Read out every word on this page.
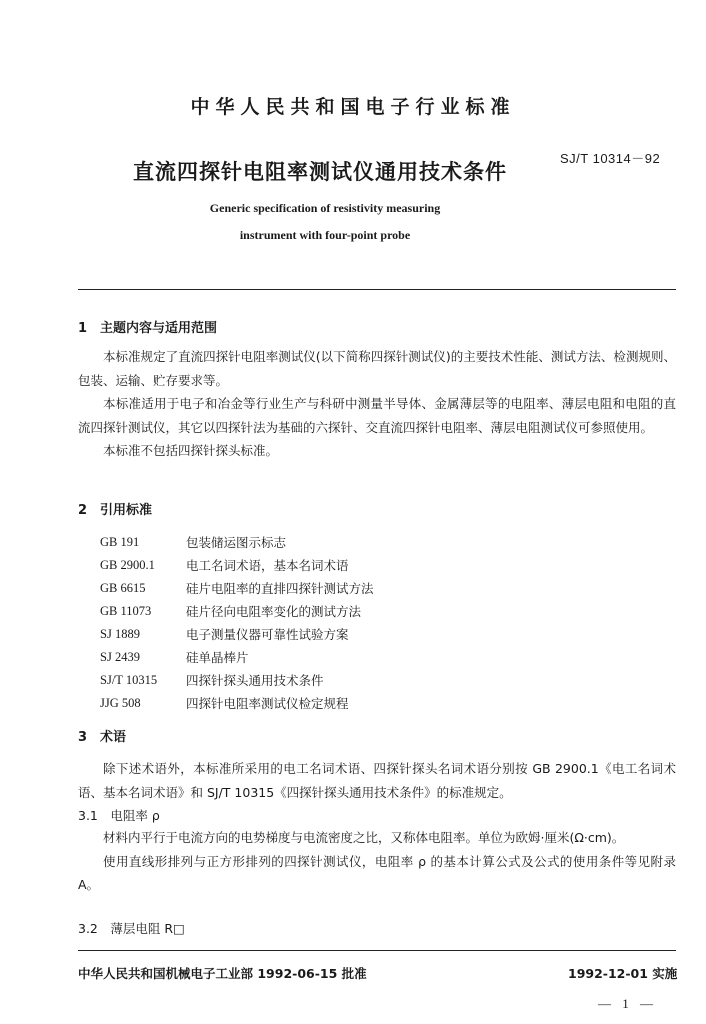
中华人民共和国电子行业标准
SJ/T 10314－92
直流四探针电阻率测试仪通用技术条件
Generic specification of resistivity measuring
instrument with four-point probe
1　主题内容与适用范围

本标准规定了直流四探针电阻率测试仪(以下简称四探针测试仪)的主要技术性能、测试方法、检测规则、包装、运输、贮存要求等。

本标准适用于电子和冶金等行业生产与科研中测量半导体、金属薄层等的电阻率、薄层电阻和电阻的直流四探针测试仪，其它以四探针法为基础的六探针、交直流四探针电阻率、薄层电阻测试仪可参照使用。

本标准不包括四探针探头标准。

2　引用标准
GB 191	包装储运图示标志
GB 2900.1	电工名词术语，基本名词术语
GB 6615	硅片电阻率的直排四探针测试方法
GB 11073	硅片径向电阻率变化的测试方法
SJ 1889	电子测量仪器可靠性试验方案
SJ 2439	硅单晶棒片
SJ/T 10315	四探针探头通用技术条件
JJG 508	四探针电阻率测试仪检定规程
3　术语

除下述术语外，本标准所采用的电工名词术语、四探针探头名词术语分别按 GB 2900.1《电工名词术语、基本名词术语》和 SJ/T 10315《四探针探头通用技术条件》的标准规定。

3.1　电阻率 ρ

材料内平行于电流方向的电势梯度与电流密度之比，又称体电阻率。单位为欧姆·厘米(Ω·cm)。

使用直线形排列与正方形排列的四探针测试仪，电阻率 ρ 的基本计算公式及公式的使用条件等见附录 A。

3.2　薄层电阻 R□
中华人民共和国机械电子工业部 1992-06-15 批准	1992-12-01 实施
— 1 —
